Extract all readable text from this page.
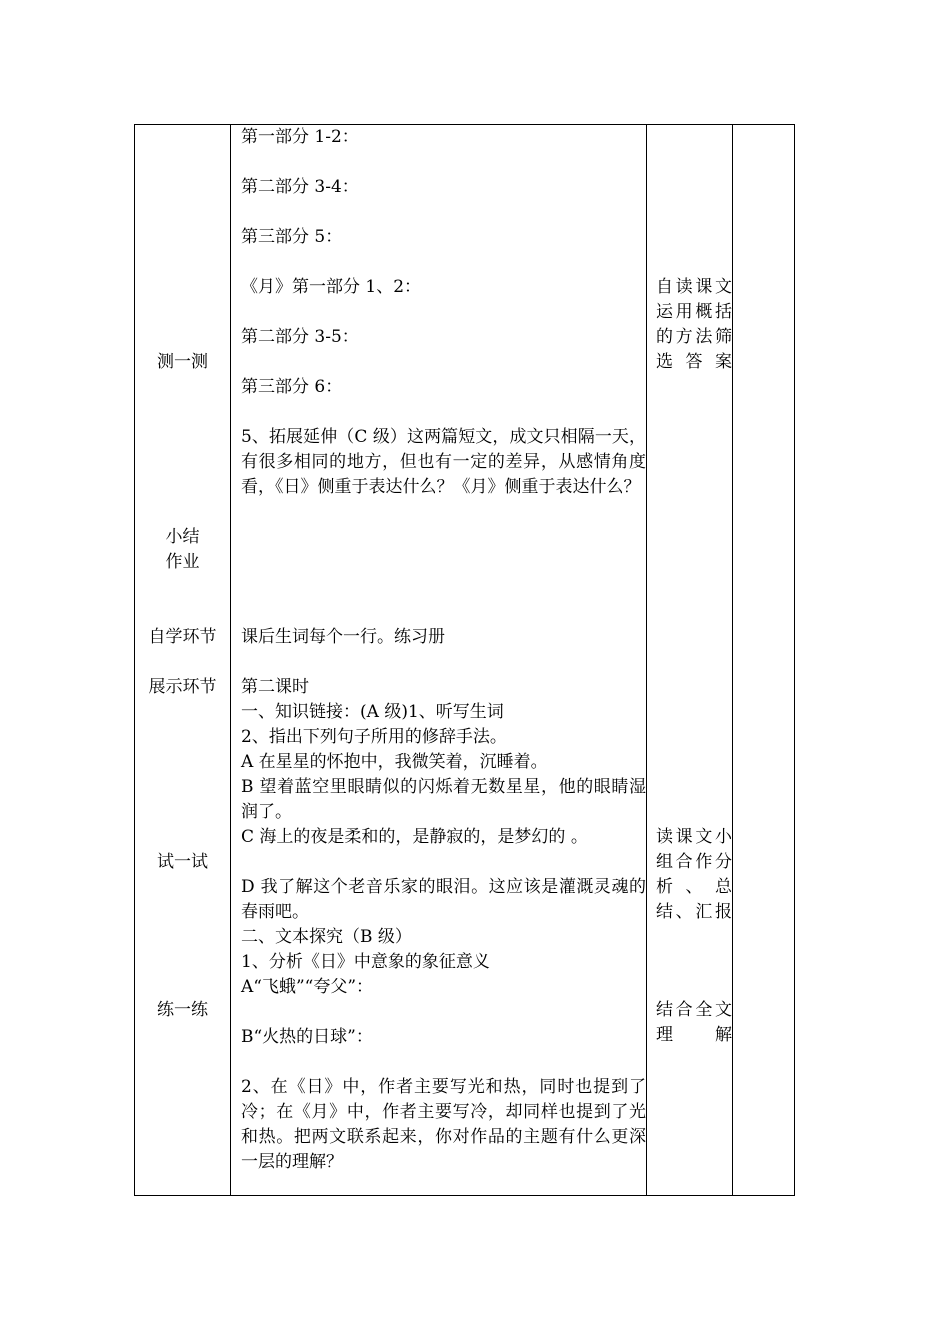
测一测
小结
作业
自学环节
展示环节
试一试
练一练
第一部分 1-2：
第二部分 3-4：
第三部分 5：
《月》第一部分 1、2：
第二部分 3-5：
第三部分 6：
5、拓展延伸（C 级）这两篇短文，成文只相隔一天，有很多相同的地方，但也有一定的差异，从感情角度看，《日》侧重于表达什么？《月》侧重于表达什么？
课后生词每个一行。练习册
第二课时
一、知识链接：(A 级)1、听写生词
2、指出下列句子所用的修辞手法。
A 在星星的怀抱中，我微笑着，沉睡着。
B 望着蓝空里眼睛似的闪烁着无数星星，他的眼睛湿润了。
C 海上的夜是柔和的，是静寂的，是梦幻的 。
D 我了解这个老音乐家的眼泪。这应该是灌溉灵魂的春雨吧。
二、文本探究（B 级）
1、分析《日》中意象的象征意义
A“飞蛾”“夸父”：
B“火热的日球”：
2、在《日》中，作者主要写光和热，同时也提到了冷；在《月》中，作者主要写冷，却同样也提到了光和热。把两文联系起来，你对作品的主题有什么更深一层的理解？
自读课文运用概括的方法筛选答案
读课文小组合作分析、总结、汇报
结合全文理解
